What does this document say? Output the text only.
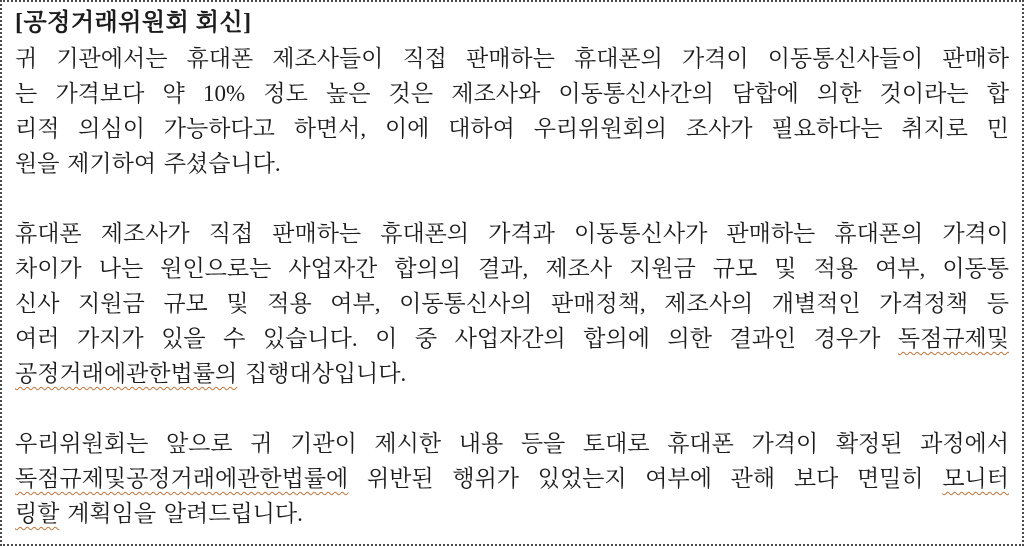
[공정거래위원회 회신]
귀 기관에서는 휴대폰 제조사들이 직접 판매하는 휴대폰의 가격이 이동통신사들이 판매하
는 가격보다 약 10% 정도 높은 것은 제조사와 이동통신사간의 담합에 의한 것이라는 합
리적 의심이 가능하다고 하면서, 이에 대하여 우리위원회의 조사가 필요하다는 취지로 민
원을 제기하여 주셨습니다.
휴대폰 제조사가 직접 판매하는 휴대폰의 가격과 이동통신사가 판매하는 휴대폰의 가격이
차이가 나는 원인으로는 사업자간 합의의 결과, 제조사 지원금 규모 및 적용 여부, 이동통
신사 지원금 규모 및 적용 여부, 이동통신사의 판매정책, 제조사의 개별적인 가격정책 등
여러 가지가 있을 수 있습니다. 이 중 사업자간의 합의에 의한 결과인 경우가 독점규제및
공정거래에관한법률의 집행대상입니다.
우리위원회는 앞으로 귀 기관이 제시한 내용 등을 토대로 휴대폰 가격이 확정된 과정에서
독점규제및공정거래에관한법률에 위반된 행위가 있었는지 여부에 관해 보다 면밀히 모니터
링할 계획임을 알려드립니다.
